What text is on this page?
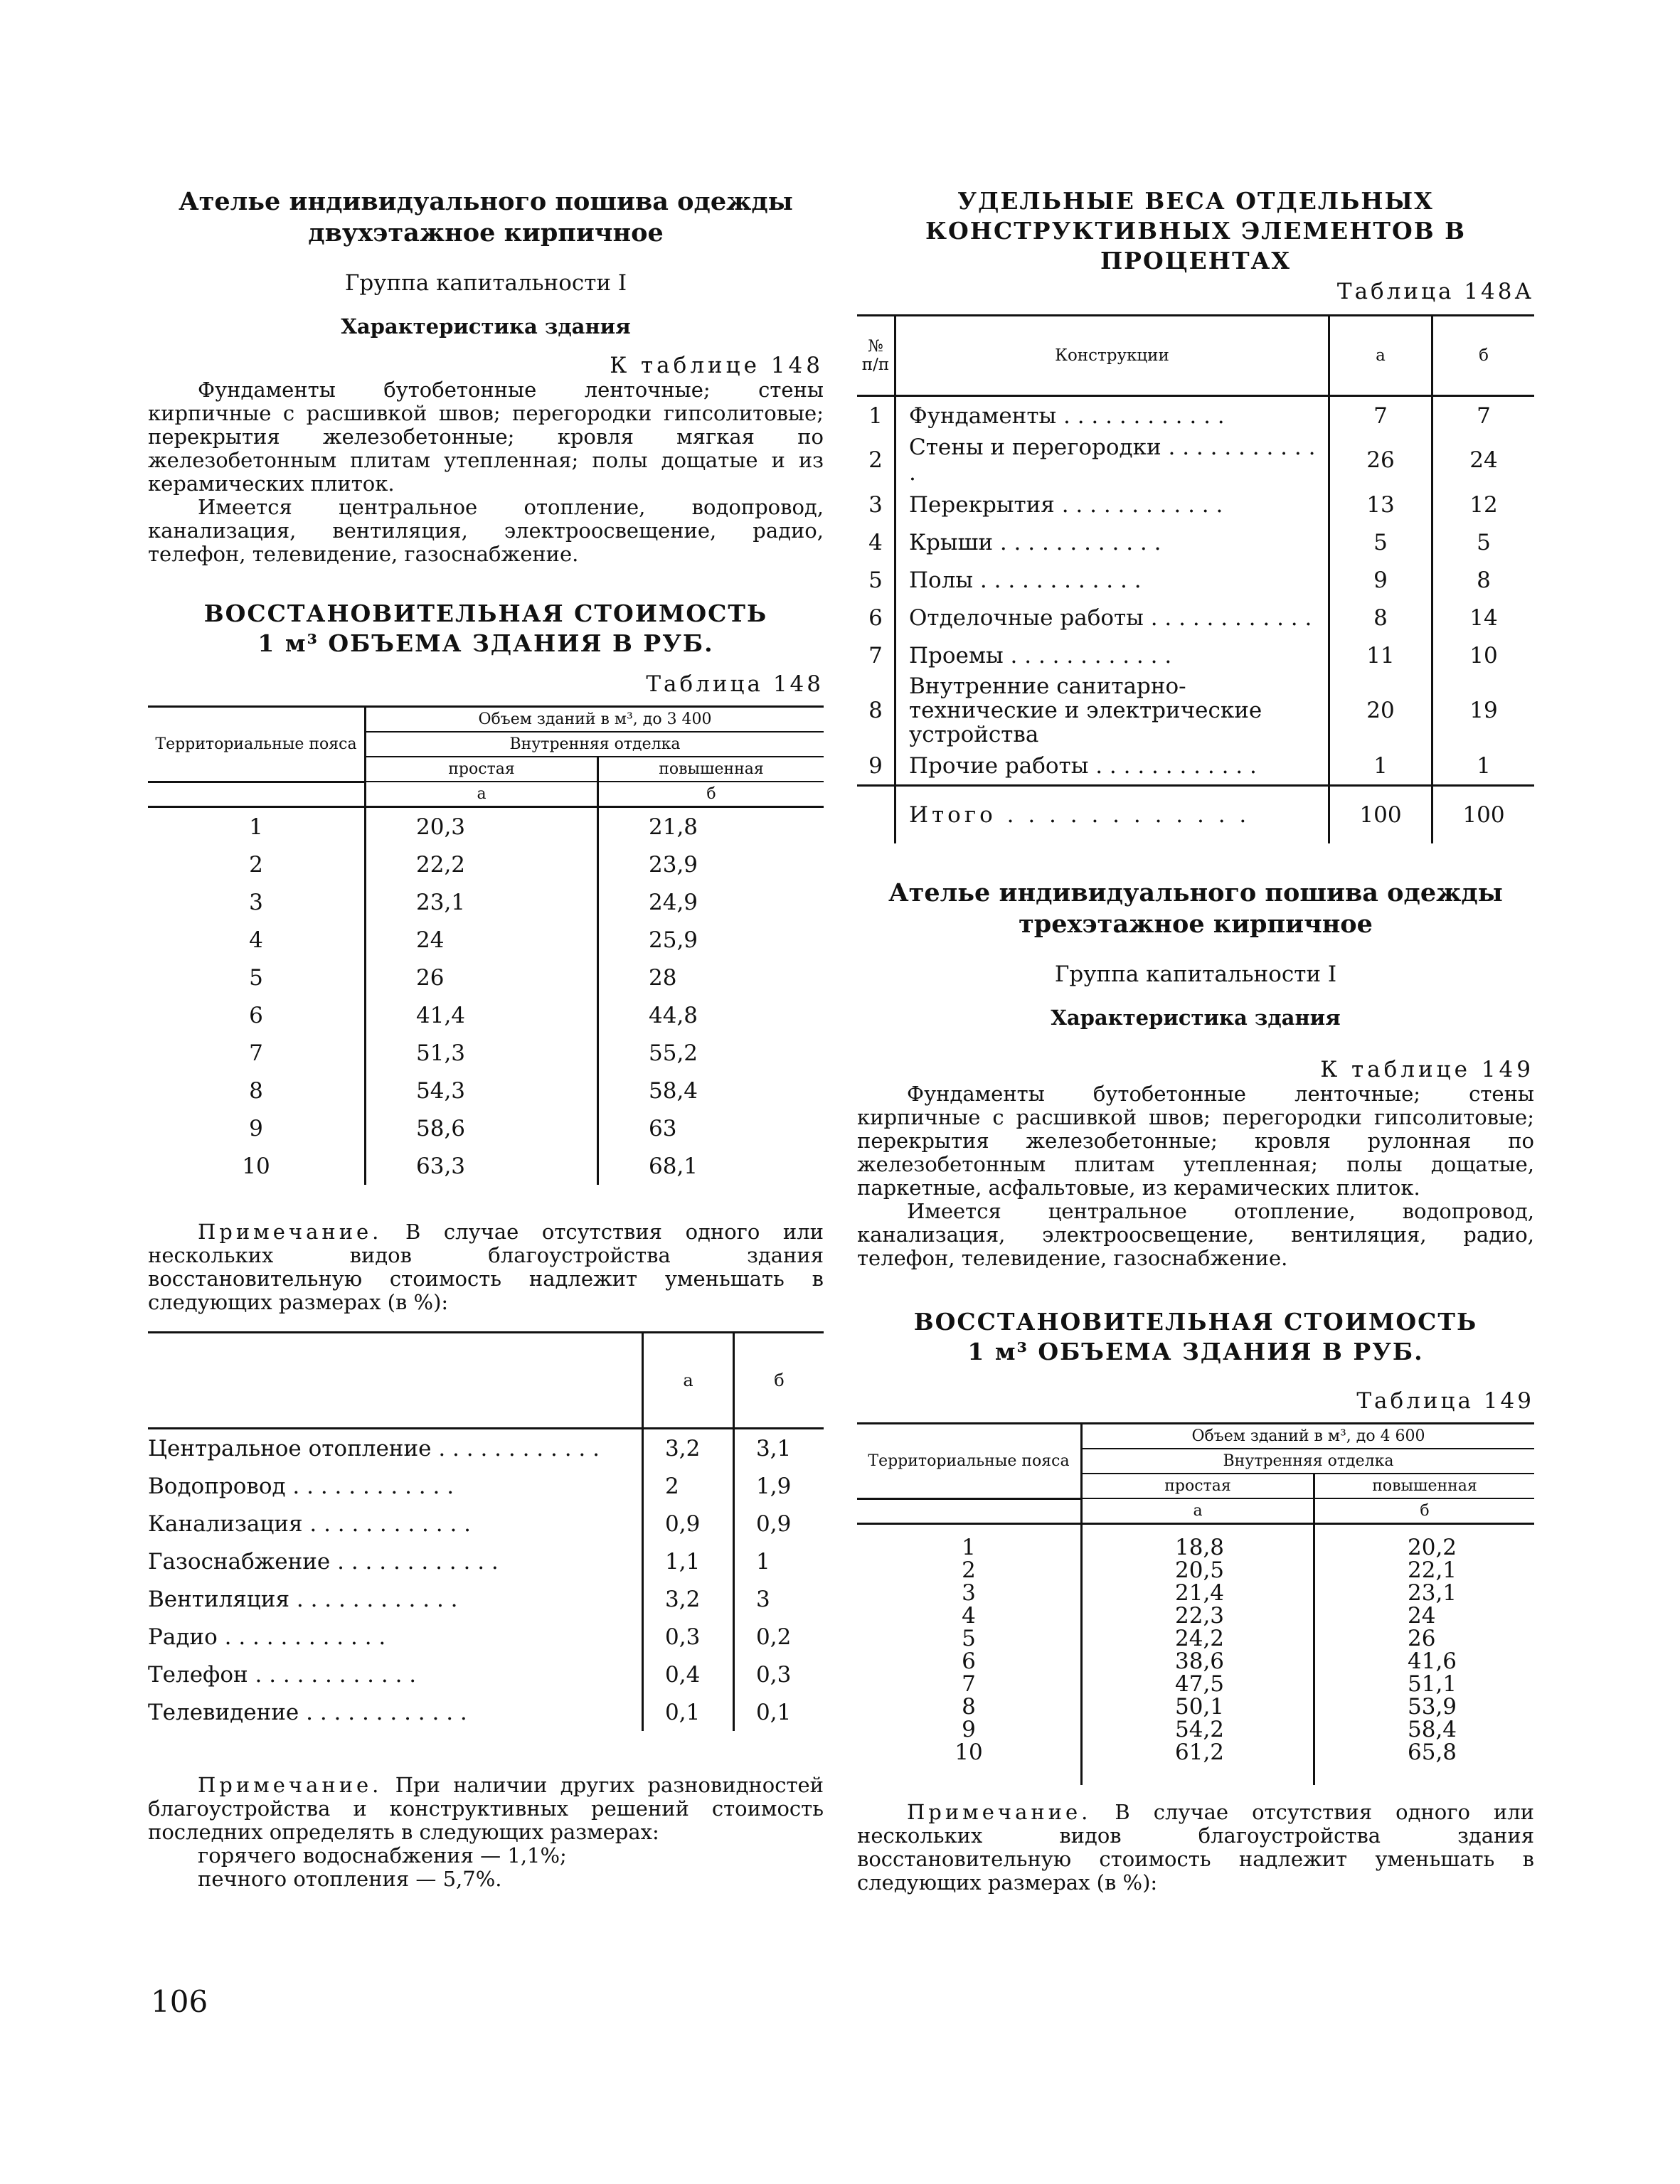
Ателье индивидуального пошива одежды
двухэтажное кирпичное
Группа капитальности I
Характеристика здания
К таблице 148

Фундаменты бутобетонные ленточные; стены кирпичные с расшивкой швов; перегородки гипсолитовые; перекрытия железобетонные; кровля мягкая по железобетонным плитам утепленная; полы дощатые и из керамических плиток.

Имеется центральное отопление, водопровод, канализация, вентиляция, электроосвещение, радио, телефон, телевидение, газоснабжение.

ВОССТАНОВИТЕЛЬНАЯ СТОИМОСТЬ
1 м³ ОБЪЕМА ЗДАНИЯ В РУБ.
Таблица 148
Территориальные пояса	Объем зданий в м³, до 3 400	
	Внутренняя отделка	
	простая	повышенная
	а	б
1	20,3	21,8
2	22,2	23,9
3	23,1	24,9
4	24	25,9
5	26	28
6	41,4	44,8
7	51,3	55,2
8	54,3	58,4
9	58,6	63
10	63,3	68,1
Примечание. В случае отсутствия одного или нескольких видов благоустройства здания восстановительную стоимость надлежит уменьшать в следующих размерах (в %):
	а	б
Центральное отопление . . .	3,2	3,1
Водопровод . . .	2	1,9
Канализация . . .	0,9	0,9
Газоснабжение . . .	1,1	1
Вентиляция . . .	3,2	3
Радио . . .	0,3	0,2
Телефон . . .	0,4	0,3
Телевидение . . .	0,1	0,1
Примечание. При наличии других разновидностей благоустройства и конструктивных решений стоимость последних определять в следующих размерах:
горячего водоснабжения — 1,1%;
печного отопления — 5,7%.
106
УДЕЛЬНЫЕ ВЕСА ОТДЕЛЬНЫХ
КОНСТРУКТИВНЫХ ЭЛЕМЕНТОВ В ПРОЦЕНТАХ
Таблица 148А
№ п/п	Конструкции	а	б
1	Фундаменты . . .	7	7
2	Стены и перегородки . . .	26	24
3	Перекрытия . . .	13	12
4	Крыши . . .	5	5
5	Полы . . .	9	8
6	Отделочные работы . . .	8	14
7	Проемы . . .	11	10
8	Внутренние санитарно-технические и электрические устройства	20	19
9	Прочие работы . . .	1	1
	Итого . . .	100	100
Ателье индивидуального пошива одежды
трехэтажное кирпичное
Группа капитальности I
Характеристика здания
К таблице 149

Фундаменты бутобетонные ленточные; стены кирпичные с расшивкой швов; перегородки гипсолитовые; перекрытия железобетонные; кровля рулонная по железобетонным плитам утепленная; полы дощатые, паркетные, асфальтовые, из керамических плиток.

Имеется центральное отопление, водопровод, канализация, электроосвещение, вентиляция, радио, телефон, телевидение, газоснабжение.

ВОССТАНОВИТЕЛЬНАЯ СТОИМОСТЬ
1 м³ ОБЪЕМА ЗДАНИЯ В РУБ.
Таблица 149
Территориальные пояса	Объем зданий в м³, до 4 600	
	Внутренняя отделка	
	простая	повышенная
	а	б
1	18,8	20,2
2	20,5	22,1
3	21,4	23,1
4	22,3	24
5	24,2	26
6	38,6	41,6
7	47,5	51,1
8	50,1	53,9
9	54,2	58,4
10	61,2	65,8
Примечание. В случае отсутствия одного или нескольких видов благоустройства здания восстановительную стоимость надлежит уменьшать в следующих размерах (в %):
